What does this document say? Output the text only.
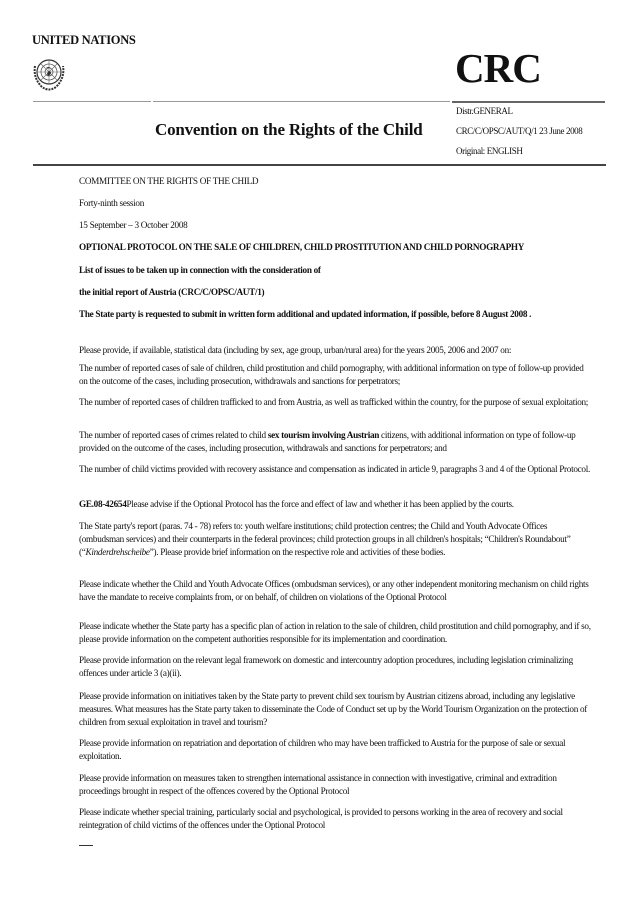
UNITED NATIONS
CRC
Convention on the Rights of the Child
Distr.GENERAL
CRC/C/OPSC/AUT/Q/1 23 June 2008
Original: ENGLISH
COMMITTEE ON THE RIGHTS OF THE CHILD
Forty-ninth session
15 September – 3 October 2008
OPTIONAL PROTOCOL ON THE SALE OF CHILDREN, CHILD PROSTITUTION AND CHILD PORNOGRAPHY
List of issues to be taken up in connection with the consideration of
the initial report of Austria (CRC/C/OPSC/AUT/1)
The State party is requested to submit in written form additional and updated information, if possible, before 8 August 2008 .
Please provide, if available, statistical data (including by sex, age group, urban/rural area) for the years 2005, 2006 and 2007 on:
The number of reported cases of sale of children, child prostitution and child pornography, with additional information on type of follow-up provided on the outcome of the cases, including prosecution, withdrawals and sanctions for perpetrators;
The number of reported cases of children trafficked to and from Austria, as well as trafficked within the country, for the purpose of sexual exploitation;
The number of reported cases of crimes related to child sex tourism involving Austrian citizens, with additional information on type of follow-up provided on the outcome of the cases, including prosecution, withdrawals and sanctions for perpetrators; and
The number of child victims provided with recovery assistance and compensation as indicated in article 9, paragraphs 3 and 4 of the Optional Protocol.
GE.08-42654Please advise if the Optional Protocol has the force and effect of law and whether it has been applied by the courts.
The State party's report (paras. 74 - 78) refers to: youth welfare institutions; child protection centres; the Child and Youth Advocate Offices (ombudsman services) and their counterparts in the federal provinces; child protection groups in all children's hospitals; “Children's Roundabout” (“Kinderdrehscheibe”). Please provide brief information on the respective role and activities of these bodies.
Please indicate whether the Child and Youth Advocate Offices (ombudsman services), or any other independent monitoring mechanism on child rights have the mandate to receive complaints from, or on behalf, of children on violations of the Optional Protocol
Please indicate whether the State party has a specific plan of action in relation to the sale of children, child prostitution and child pornography, and if so, please provide information on the competent authorities responsible for its implementation and coordination.
Please provide information on the relevant legal framework on domestic and intercountry adoption procedures, including legislation criminalizing offences under article 3 (a)(ii).
Please provide information on initiatives taken by the State party to prevent child sex tourism by Austrian citizens abroad, including any legislative measures. What measures has the State party taken to disseminate the Code of Conduct set up by the World Tourism Organization on the protection of children from sexual exploitation in travel and tourism?
Please provide information on repatriation and deportation of children who may have been trafficked to Austria for the purpose of sale or sexual exploitation.
Please provide information on measures taken to strengthen international assistance in connection with investigative, criminal and extradition proceedings brought in respect of the offences covered by the Optional Protocol
Please indicate whether special training, particularly social and psychological, is provided to persons working in the area of recovery and social reintegration of child victims of the offences under the Optional Protocol
